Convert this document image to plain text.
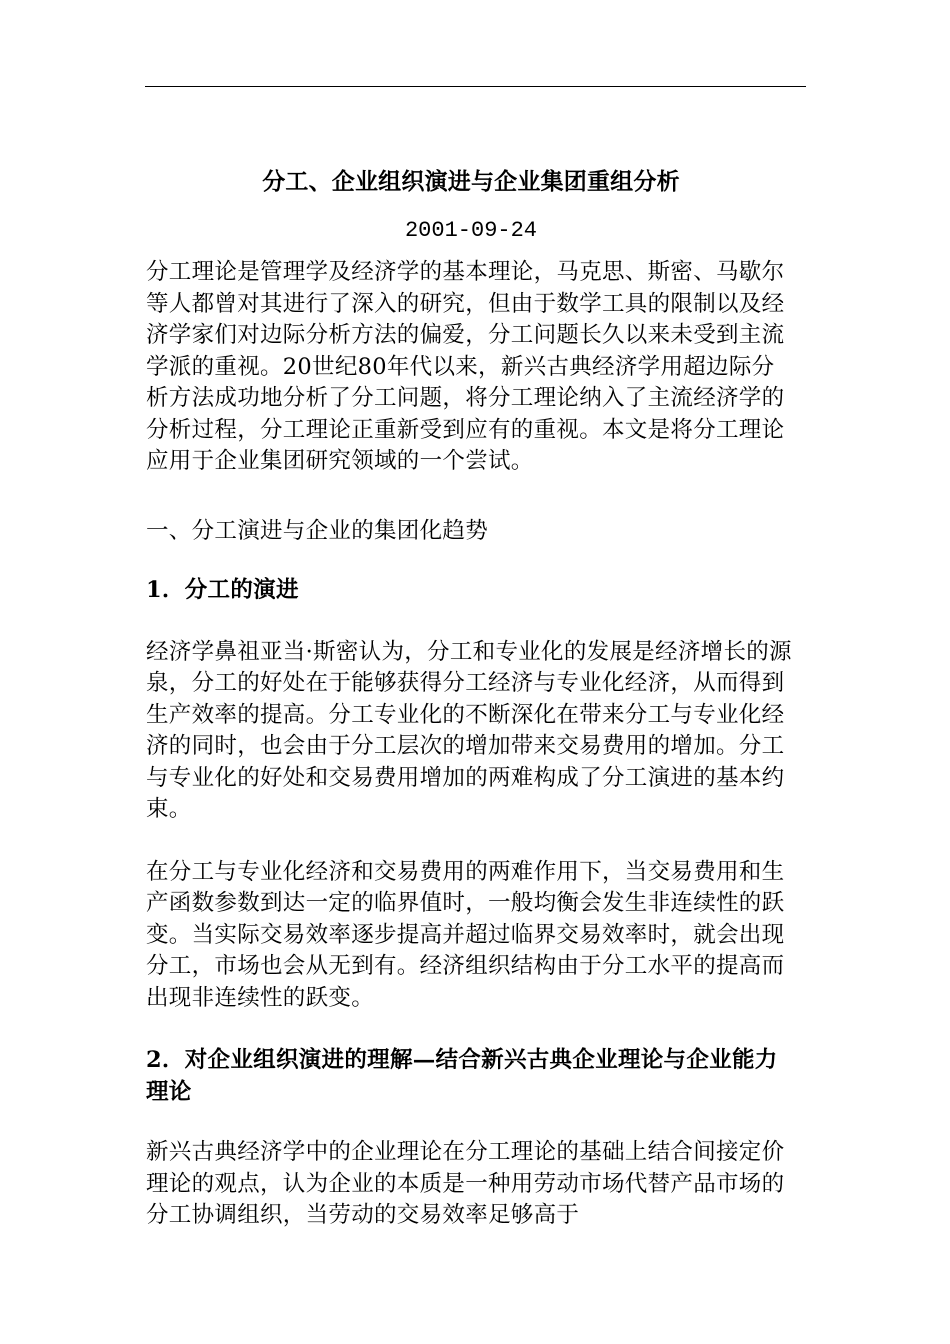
分工、企业组织演进与企业集团重组分析
2001-09-24

分工理论是管理学及经济学的基本理论，马克思、斯密、马歇尔等人都曾对其进行了深入的研究，但由于数学工具的限制以及经济学家们对边际分析方法的偏爱，分工问题长久以来未受到主流学派的重视。20世纪80年代以来，新兴古典经济学用超边际分析方法成功地分析了分工问题，将分工理论纳入了主流经济学的分析过程，分工理论正重新受到应有的重视。本文是将分工理论应用于企业集团研究领域的一个尝试。

一、分工演进与企业的集团化趋势

1．分工的演进

经济学鼻祖亚当·斯密认为，分工和专业化的发展是经济增长的源泉，分工的好处在于能够获得分工经济与专业化经济，从而得到生产效率的提高。分工专业化的不断深化在带来分工与专业化经济的同时，也会由于分工层次的增加带来交易费用的增加。分工与专业化的好处和交易费用增加的两难构成了分工演进的基本约束。

在分工与专业化经济和交易费用的两难作用下，当交易费用和生产函数参数到达一定的临界值时，一般均衡会发生非连续性的跃变。当实际交易效率逐步提高并超过临界交易效率时，就会出现分工，市场也会从无到有。经济组织结构由于分工水平的提高而出现非连续性的跃变。

2．对企业组织演进的理解—结合新兴古典企业理论与企业能力理论

新兴古典经济学中的企业理论在分工理论的基础上结合间接定价理论的观点，认为企业的本质是一种用劳动市场代替产品市场的分工协调组织，当劳动的交易效率足够高于
